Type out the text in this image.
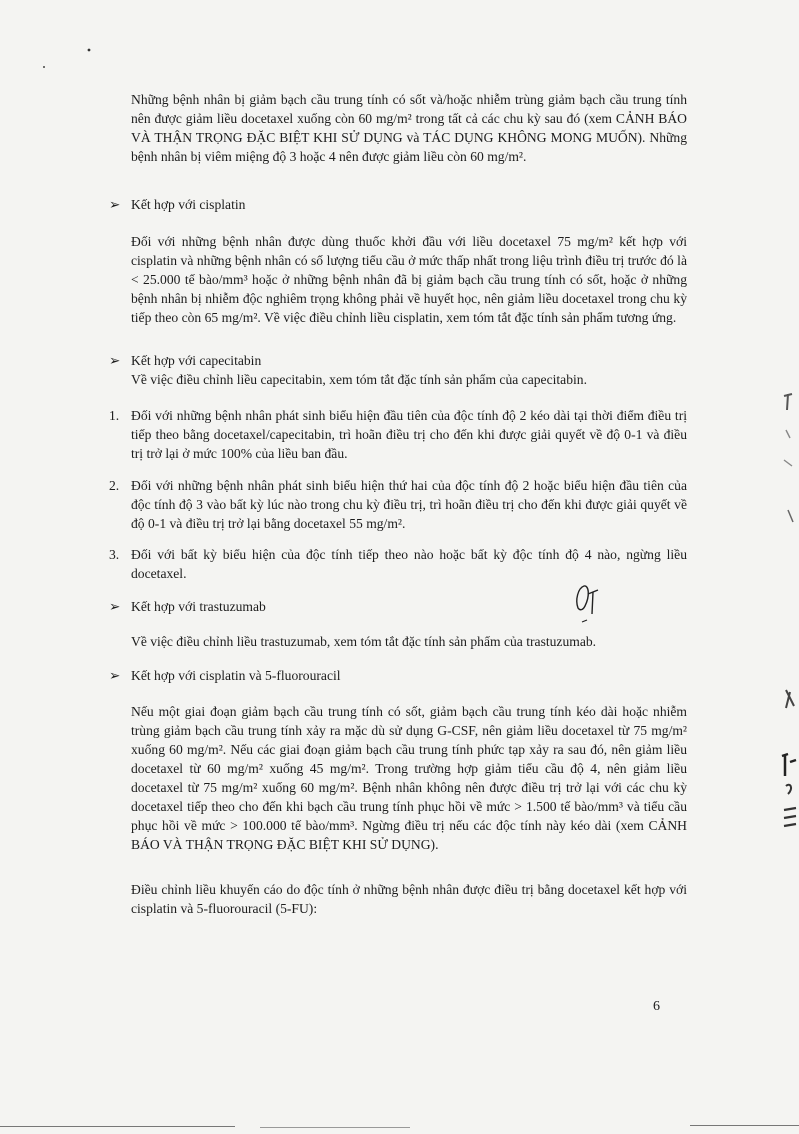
Những bệnh nhân bị giảm bạch cầu trung tính có sốt và/hoặc nhiễm trùng giảm bạch cầu trung tính nên được giảm liều docetaxel xuống còn 60 mg/m² trong tất cả các chu kỳ sau đó (xem CẢNH BÁO VÀ THẬN TRỌNG ĐẶC BIỆT KHI SỬ DỤNG và TÁC DỤNG KHÔNG MONG MUỐN). Những bệnh nhân bị viêm miệng độ 3 hoặc 4 nên được giảm liều còn 60 mg/m².
➢ Kết hợp với cisplatin
Đối với những bệnh nhân được dùng thuốc khởi đầu với liều docetaxel 75 mg/m² kết hợp với cisplatin và những bệnh nhân có số lượng tiểu cầu ở mức thấp nhất trong liệu trình điều trị trước đó là < 25.000 tế bào/mm³ hoặc ở những bệnh nhân đã bị giảm bạch cầu trung tính có sốt, hoặc ở những bệnh nhân bị nhiễm độc nghiêm trọng không phải về huyết học, nên giảm liều docetaxel trong chu kỳ tiếp theo còn 65 mg/m². Về việc điều chỉnh liều cisplatin, xem tóm tắt đặc tính sản phẩm tương ứng.
➢ Kết hợp với capecitabin
Về việc điều chỉnh liều capecitabin, xem tóm tắt đặc tính sản phẩm của capecitabin.
1. Đối với những bệnh nhân phát sinh biểu hiện đầu tiên của độc tính độ 2 kéo dài tại thời điểm điều trị tiếp theo bằng docetaxel/capecitabin, trì hoãn điều trị cho đến khi được giải quyết về độ 0-1 và điều trị trở lại ở mức 100% của liều ban đầu.
2. Đối với những bệnh nhân phát sinh biểu hiện thứ hai của độc tính độ 2 hoặc biểu hiện đầu tiên của độc tính độ 3 vào bất kỳ lúc nào trong chu kỳ điều trị, trì hoãn điều trị cho đến khi được giải quyết về độ 0-1 và điều trị trở lại bằng docetaxel 55 mg/m².
3. Đối với bất kỳ biểu hiện của độc tính tiếp theo nào hoặc bất kỳ độc tính độ 4 nào, ngừng liều docetaxel.
➢ Kết hợp với trastuzumab
Về việc điều chỉnh liều trastuzumab, xem tóm tắt đặc tính sản phẩm của trastuzumab.
➢ Kết hợp với cisplatin và 5-fluorouracil
Nếu một giai đoạn giảm bạch cầu trung tính có sốt, giảm bạch cầu trung tính kéo dài hoặc nhiễm trùng giảm bạch cầu trung tính xảy ra mặc dù sử dụng G-CSF, nên giảm liều docetaxel từ 75 mg/m² xuống 60 mg/m². Nếu các giai đoạn giảm bạch cầu trung tính phức tạp xảy ra sau đó, nên giảm liều docetaxel từ 60 mg/m² xuống 45 mg/m². Trong trường hợp giảm tiểu cầu độ 4, nên giảm liều docetaxel từ 75 mg/m² xuống 60 mg/m². Bệnh nhân không nên được điều trị trở lại với các chu kỳ docetaxel tiếp theo cho đến khi bạch cầu trung tính phục hồi về mức > 1.500 tế bào/mm³ và tiểu cầu phục hồi về mức > 100.000 tế bào/mm³. Ngừng điều trị nếu các độc tính này kéo dài (xem CẢNH BÁO VÀ THẬN TRỌNG ĐẶC BIỆT KHI SỬ DỤNG).
Điều chỉnh liều khuyến cáo do độc tính ở những bệnh nhân được điều trị bằng docetaxel kết hợp với cisplatin và 5-fluorouracil (5-FU):
6
